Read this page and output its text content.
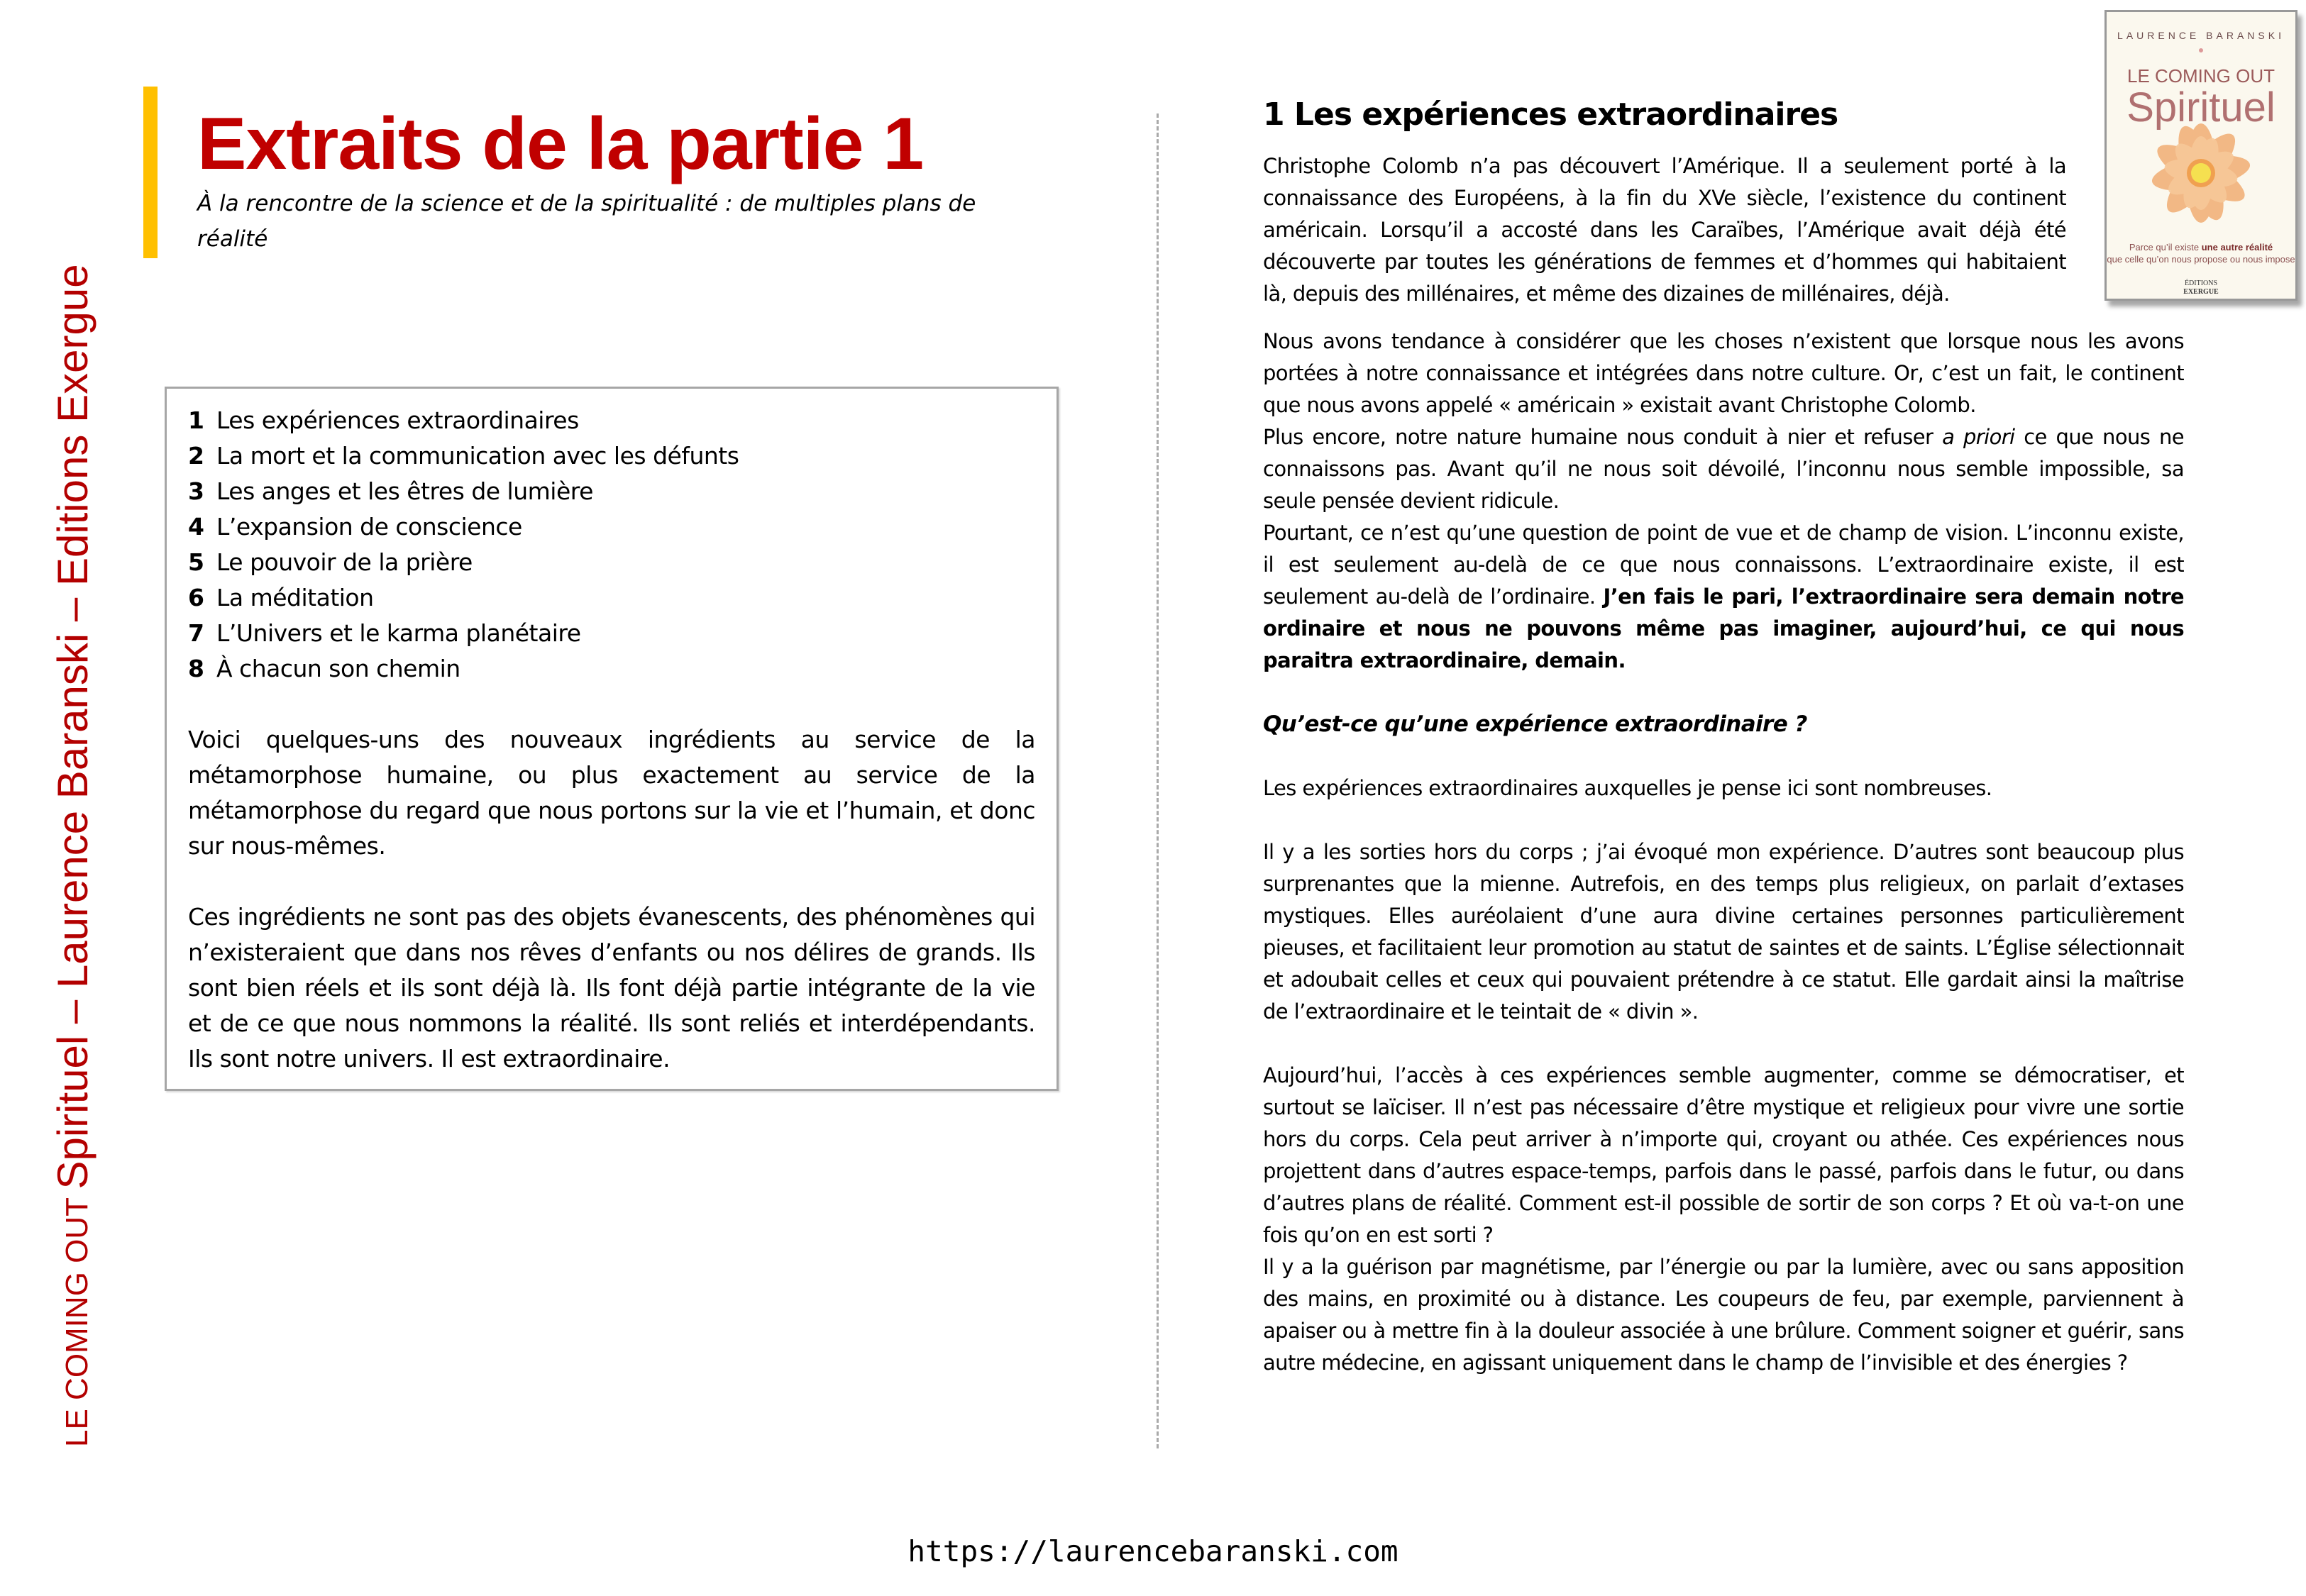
LE COMING OUT Spirituel – Laurence Baranski – Editions Exergue
Extraits de la partie 1
À la rencontre de la science et de la spiritualité : de multiples plans de réalité
1 Les expériences extraordinaires
2 La mort et la communication avec les défunts
3 Les anges et les êtres de lumière
4 L’expansion de conscience
5 Le pouvoir de la prière
6 La méditation
7 L’Univers et le karma planétaire
8 À chacun son chemin

Voici quelques-uns des nouveaux ingrédients au service de la métamorphose humaine, ou plus exactement au service de la métamorphose du regard que nous portons sur la vie et l’humain, et donc sur nous-mêmes.

Ces ingrédients ne sont pas des objets évanescents, des phénomènes qui n’existeraient que dans nos rêves d’enfants ou nos délires de grands. Ils sont bien réels et ils sont déjà là. Ils font déjà partie intégrante de la vie et de ce que nous nommons la réalité. Ils sont reliés et interdépendants. Ils sont notre univers. Il est extraordinaire.

1 Les expériences extraordinaires

Christophe Colomb n’a pas découvert l’Amérique. Il a seulement porté à la connaissance des Européens, à la fin du XVe siècle, l’existence du continent américain. Lorsqu’il a accosté dans les Caraïbes, l’Amérique avait déjà été découverte par toutes les générations de femmes et d’hommes qui habitaient là, depuis des millénaires, et même des dizaines de millénaires, déjà.

Nous avons tendance à considérer que les choses n’existent que lorsque nous les avons portées à notre connaissance et intégrées dans notre culture. Or, c’est un fait, le continent que nous avons appelé « américain » existait avant Christophe Colomb.
Plus encore, notre nature humaine nous conduit à nier et refuser a priori ce que nous ne connaissons pas. Avant qu’il ne nous soit dévoilé, l’inconnu nous semble impossible, sa seule pensée devient ridicule.
Pourtant, ce n’est qu’une question de point de vue et de champ de vision. L’inconnu existe, il est seulement au-delà de ce que nous connaissons. L’extraordinaire existe, il est seulement au-delà de l’ordinaire. J’en fais le pari, l’extraordinaire sera demain notre ordinaire et nous ne pouvons même pas imaginer, aujourd’hui, ce qui nous paraitra extraordinaire, demain.

Qu’est-ce qu’une expérience extraordinaire ?

Les expériences extraordinaires auxquelles je pense ici sont nombreuses.

Il y a les sorties hors du corps ; j’ai évoqué mon expérience. D’autres sont beaucoup plus surprenantes que la mienne. Autrefois, en des temps plus religieux, on parlait d’extases mystiques. Elles auréolaient d’une aura divine certaines personnes particulièrement pieuses, et facilitaient leur promotion au statut de saintes et de saints. L’Église sélectionnait et adoubait celles et ceux qui pouvaient prétendre à ce statut. Elle gardait ainsi la maîtrise de l’extraordinaire et le teintait de « divin ».

Aujourd’hui, l’accès à ces expériences semble augmenter, comme se démocratiser, et surtout se laïciser. Il n’est pas nécessaire d’être mystique et religieux pour vivre une sortie hors du corps. Cela peut arriver à n’importe qui, croyant ou athée. Ces expériences nous projettent dans d’autres espace-temps, parfois dans le passé, parfois dans le futur, ou dans d’autres plans de réalité. Comment est-il possible de sortir de son corps ? Et où va-t-on une fois qu’on en est sorti ?
Il y a la guérison par magnétisme, par l’énergie ou par la lumière, avec ou sans apposition des mains, en proximité ou à distance. Les coupeurs de feu, par exemple, parviennent à apaiser ou à mettre fin à la douleur associée à une brûlure. Comment soigner et guérir, sans autre médecine, en agissant uniquement dans le champ de l’invisible et des énergies ?

LAURENCE BARANSKI
LE COMING OUT
Spirituel
Parce qu’il existe une autre réalité
que celle qu’on nous propose ou nous impose
ÉDITIONS
EXERGUE
https://laurencebaranski.com
